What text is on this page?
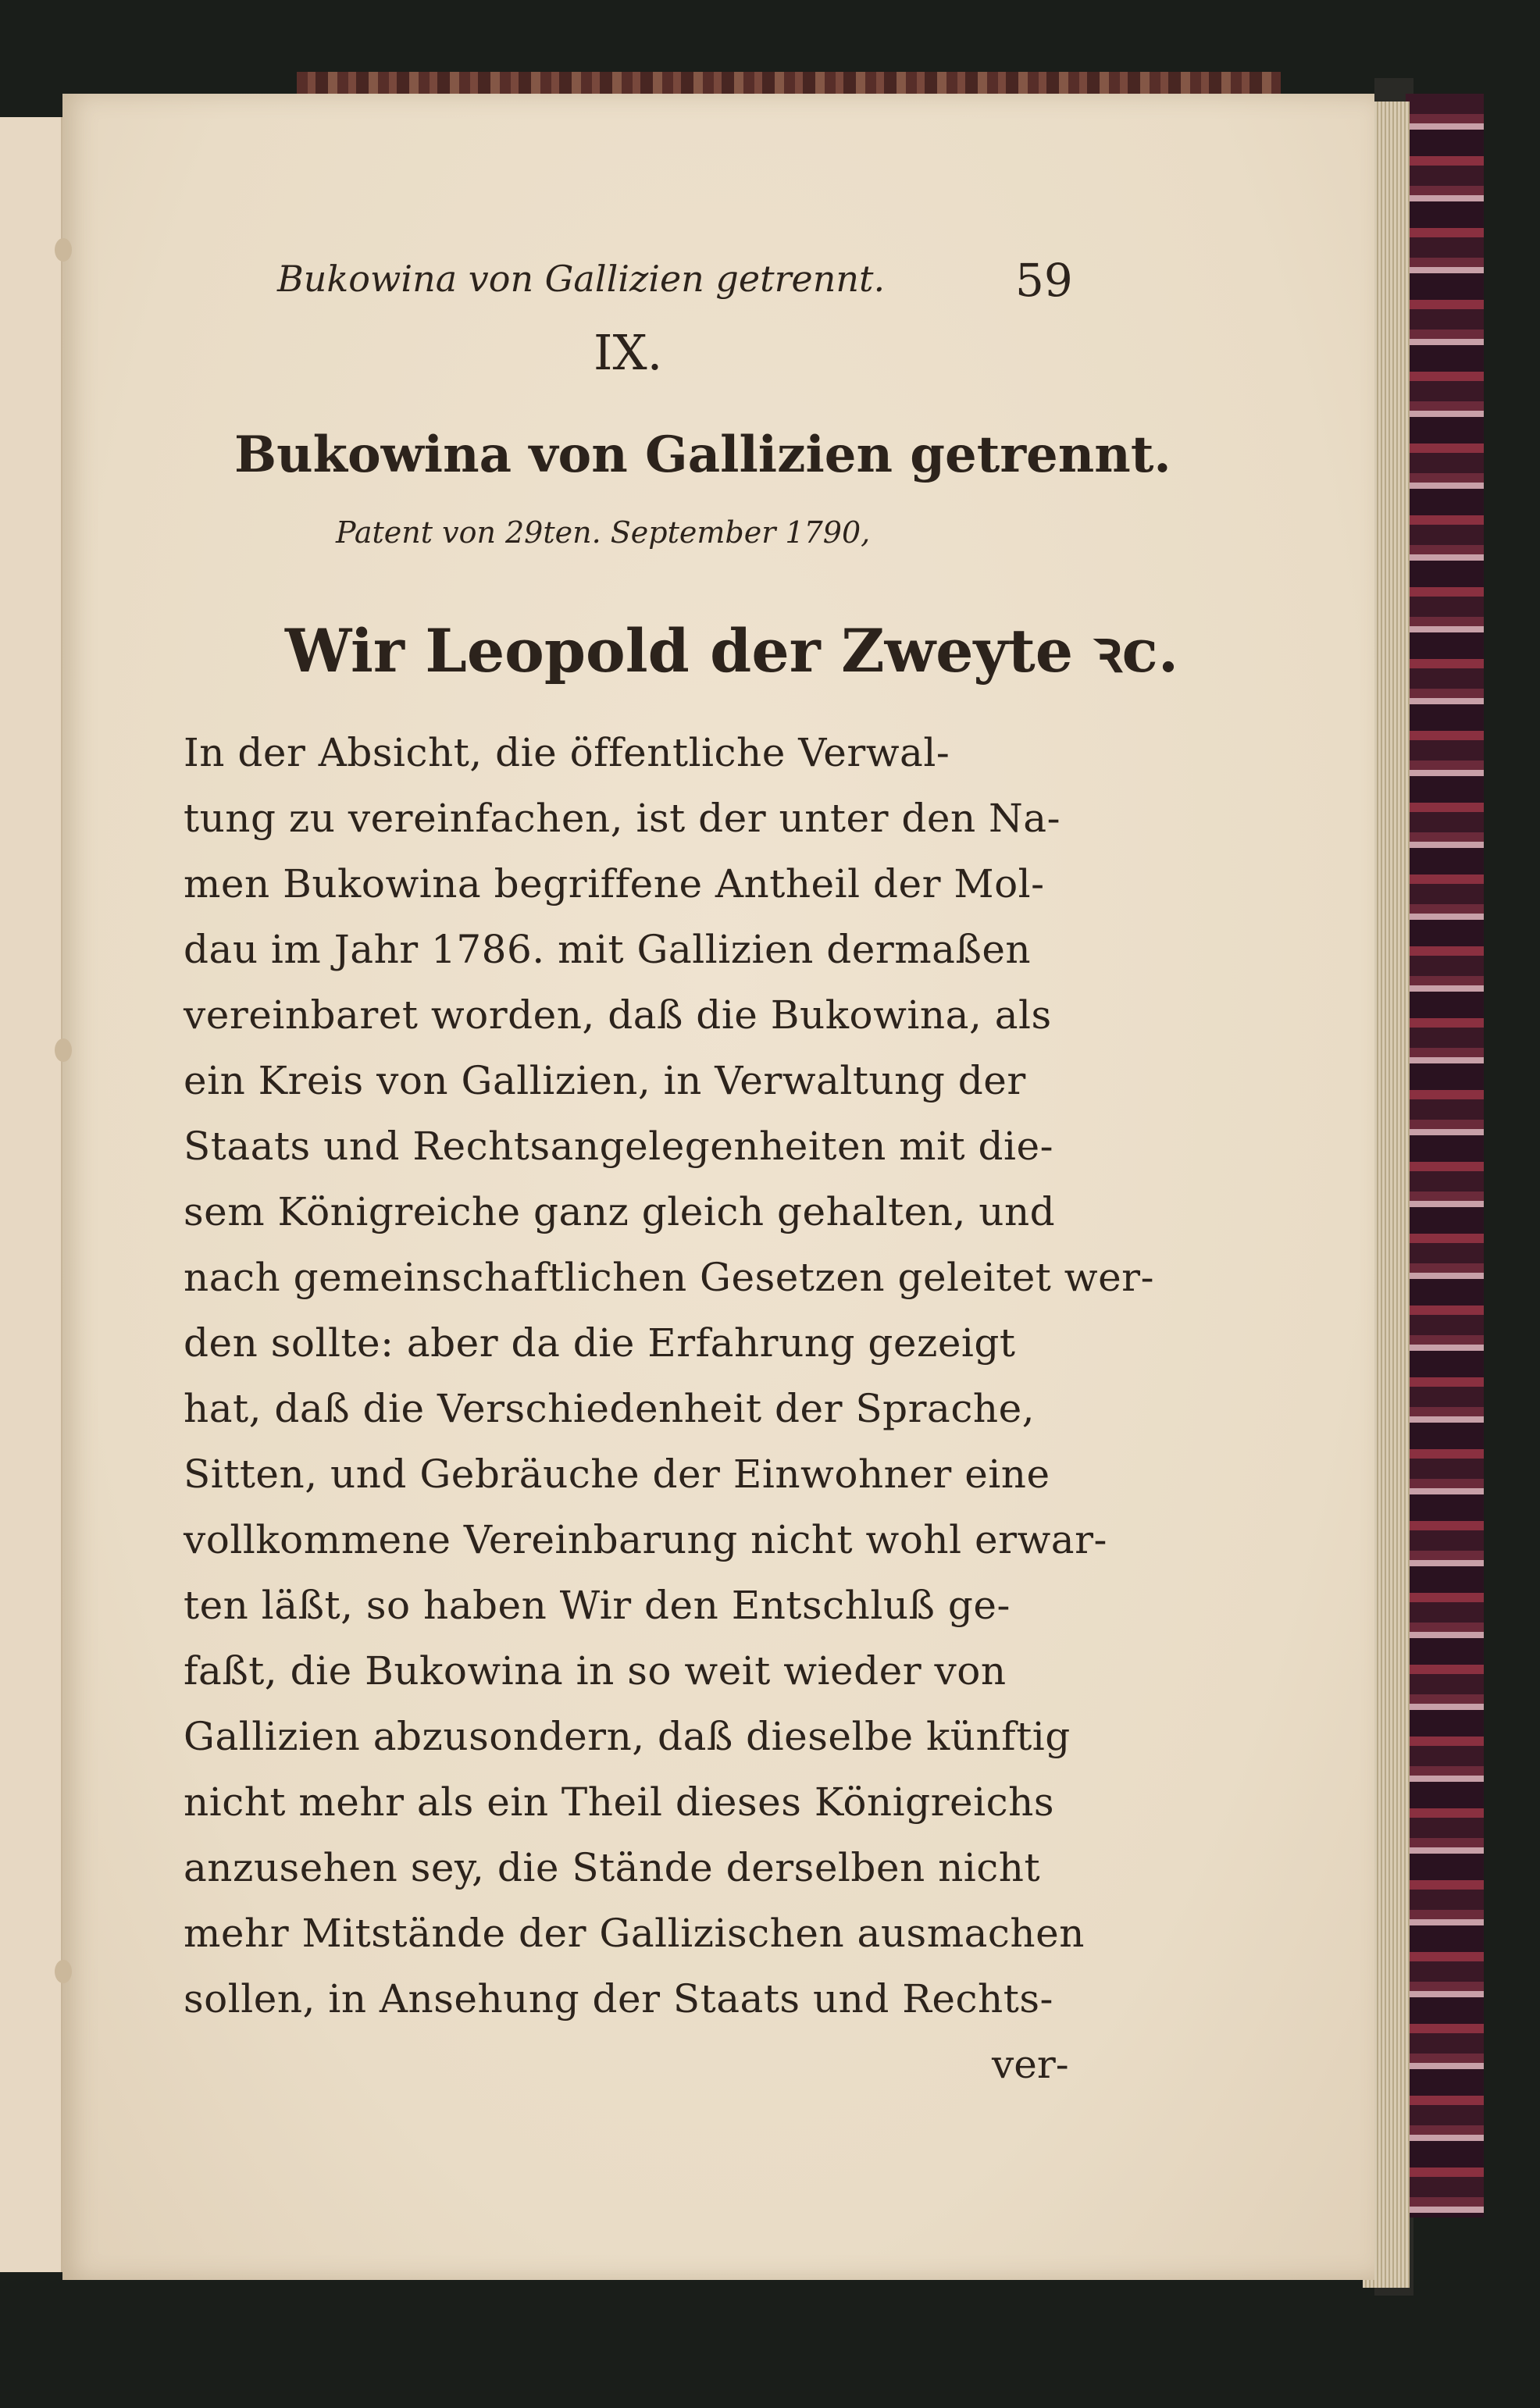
Bukowina von Gallizien getrennt.	59
IX.
Bukowina von Gallizien getrennt.
Patent von 29ten. September 1790,
Wir Leopold der Zweyte ꝛc.
In der Absicht, die öffentliche Verwal-
tung zu vereinfachen, ist der unter den Na-
men Bukowina begriffene Antheil der Mol-
dau im Jahr 1786. mit Gallizien dermaßen
vereinbaret worden, daß die Bukowina, als
ein Kreis von Gallizien, in Verwaltung der
Staats und Rechtsangelegenheiten mit die-
sem Königreiche ganz gleich gehalten, und
nach gemeinschaftlichen Gesetzen geleitet wer-
den sollte: aber da die Erfahrung gezeigt
hat, daß die Verschiedenheit der Sprache,
Sitten, und Gebräuche der Einwohner eine
vollkommene Vereinbarung nicht wohl erwar-
ten läßt, so haben Wir den Entschluß ge-
faßt, die Bukowina in so weit wieder von
Gallizien abzusondern, daß dieselbe künftig
nicht mehr als ein Theil dieses Königreichs
anzusehen sey, die Stände derselben nicht
mehr Mitstände der Gallizischen ausmachen
sollen, in Ansehung der Staats und Rechts-
ver-
